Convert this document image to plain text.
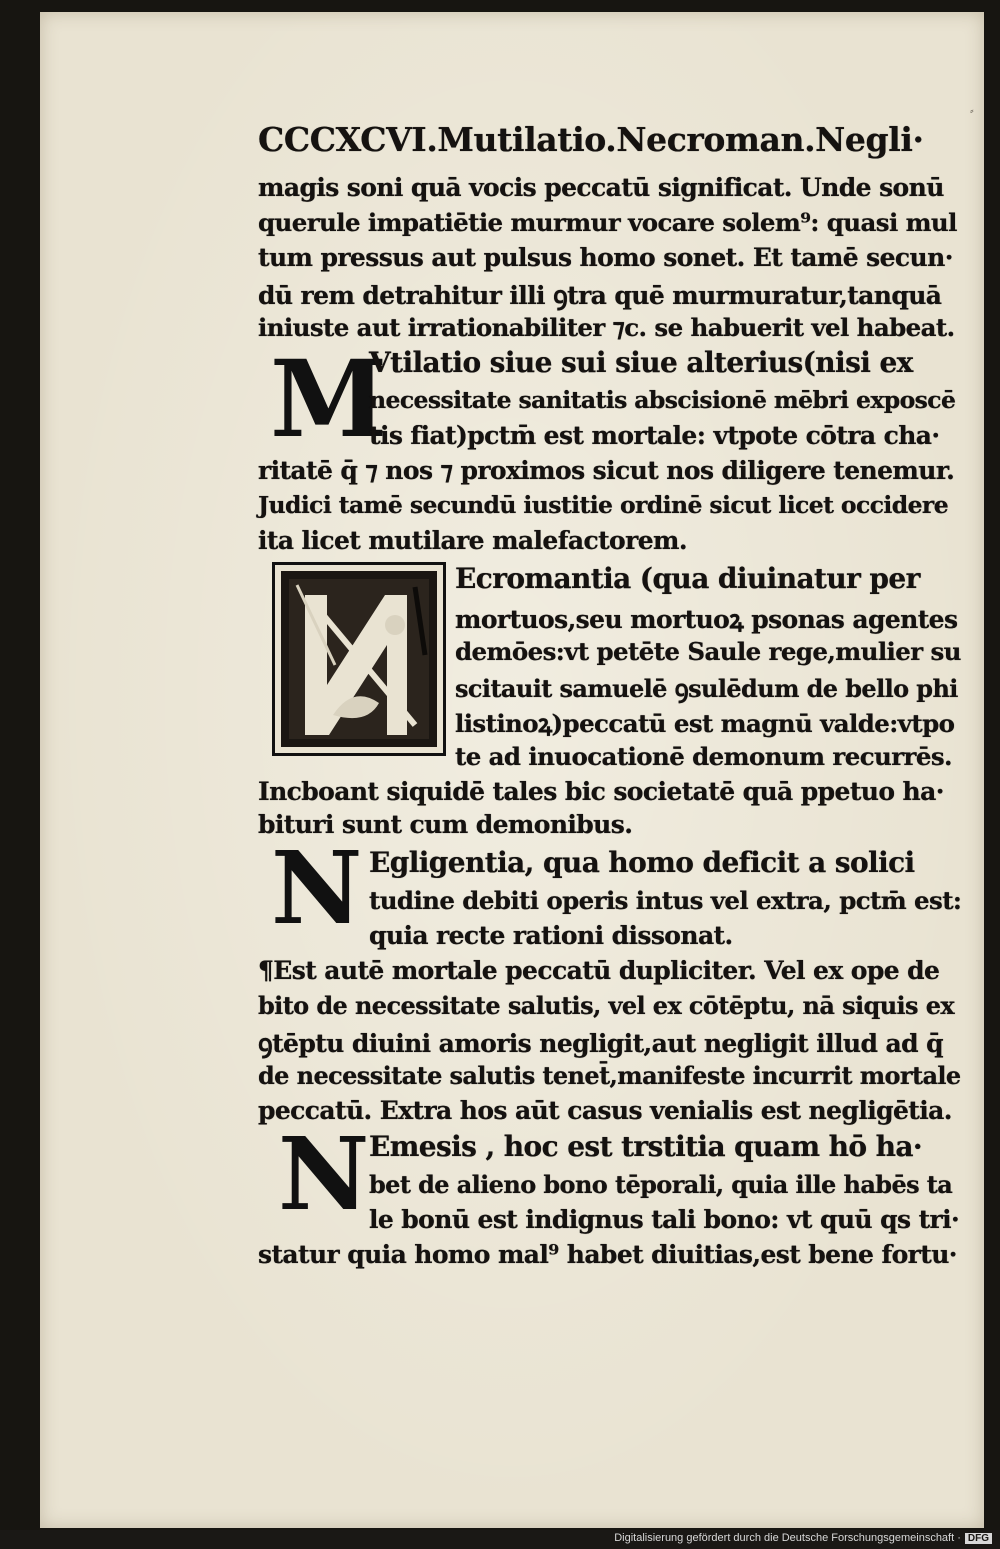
⸗
CCCXCVI.Mutilatio.Necroman.Negli·
magis soni quā vocis peccatū significat. Unde sonū
querule impatiētie murmur vocare solem⁹: quasi mul
tum pressus aut pulsus homo sonet. Et tamē secun·
dū rem detrahitur illi ꝯtra quē murmuratur,tanquā
iniuste aut irrationabiliter ⁊c. se habuerit vel habeat.
M
Vtilatio siue sui siue alterius(nisi ex
necessitate sanitatis abscisionē mēbri exposcē
tis fiat)pctm̄ est mortale: vtpote cōtra cha·
ritatē q̄ ⁊ nos ⁊ proximos sicut nos diligere tenemur.
Judici tamē secundū iustitie ordinē sicut licet occidere
ita licet mutilare malefactorem.
Ecromantia (qua diuinatur per
mortuos,seu mortuoꝝ psonas agentes
demōes:vt petēte Saule rege,mulier su
scitauit samuelē ꝯsulēdum de bello phi
listinoꝝ)peccatū est magnū valde:vtpo
te ad inuocationē demonum recurrēs.
Incboant siquidē tales bic societatē quā ppetuo ha·
bituri sunt cum demonibus.
N Egligentia, qua homo deficit a solici
tudine debiti operis intus vel extra, pctm̄ est:
quia recte rationi dissonat.
¶Est autē mortale peccatū dupliciter. Vel ex ope de
bito de necessitate salutis, vel ex cōtēptu, nā siquis ex
ꝯtēptu diuini amoris negligit,aut negligit illud ad q̄
de necessitate salutis tenet̄,manifeste incurrit mortale
peccatū. Extra hos aūt casus venialis est negligētia.
N Emesis , hoc est trstitia quam hō ha·
bet de alieno bono tēporali, quia ille habēs ta
le bonū est indignus tali bono: vt quū qs tri·
statur quia homo mal⁹ habet diuitias,est bene fortu·
Digitalisierung gefördert durch die Deutsche Forschungsgemeinschaft · DFG
